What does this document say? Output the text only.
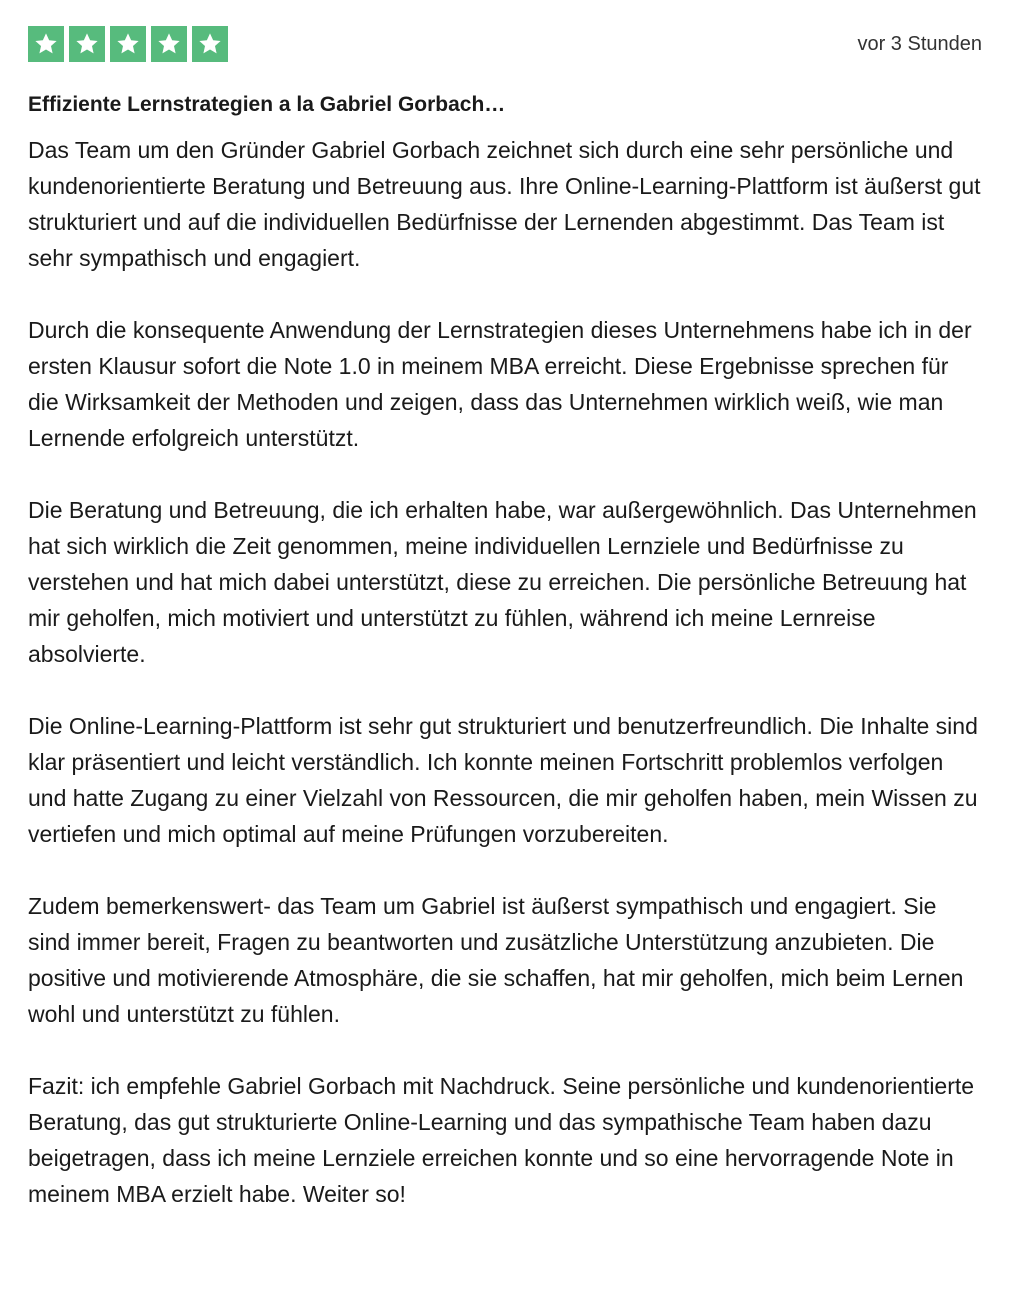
vor 3 Stunden
Effiziente Lernstrategien a la Gabriel Gorbach…

Das Team um den Gründer Gabriel Gorbach zeichnet sich durch eine sehr persönliche und kundenorientierte Beratung und Betreuung aus. Ihre Online-Learning-Plattform ist äußerst gut strukturiert und auf die individuellen Bedürfnisse der Lernenden abgestimmt. Das Team ist sehr sympathisch und engagiert.

Durch die konsequente Anwendung der Lernstrategien dieses Unternehmens habe ich in der ersten Klausur sofort die Note 1.0 in meinem MBA erreicht. Diese Ergebnisse sprechen für die Wirksamkeit der Methoden und zeigen, dass das Unternehmen wirklich weiß, wie man Lernende erfolgreich unterstützt.

Die Beratung und Betreuung, die ich erhalten habe, war außergewöhnlich. Das Unternehmen hat sich wirklich die Zeit genommen, meine individuellen Lernziele und Bedürfnisse zu verstehen und hat mich dabei unterstützt, diese zu erreichen. Die persönliche Betreuung hat mir geholfen, mich motiviert und unterstützt zu fühlen, während ich meine Lernreise absolvierte.

Die Online-Learning-Plattform ist sehr gut strukturiert und benutzerfreundlich. Die Inhalte sind klar präsentiert und leicht verständlich. Ich konnte meinen Fortschritt problemlos verfolgen und hatte Zugang zu einer Vielzahl von Ressourcen, die mir geholfen haben, mein Wissen zu vertiefen und mich optimal auf meine Prüfungen vorzubereiten.

Zudem bemerkenswert- das Team um Gabriel ist äußerst sympathisch und engagiert. Sie sind immer bereit, Fragen zu beantworten und zusätzliche Unterstützung anzubieten. Die positive und motivierende Atmosphäre, die sie schaffen, hat mir geholfen, mich beim Lernen wohl und unterstützt zu fühlen.

Fazit: ich empfehle Gabriel Gorbach mit Nachdruck. Seine persönliche und kundenorientierte Beratung, das gut strukturierte Online-Learning und das sympathische Team haben dazu beigetragen, dass ich meine Lernziele erreichen konnte und so eine hervorragende Note in meinem MBA erzielt habe. Weiter so!
